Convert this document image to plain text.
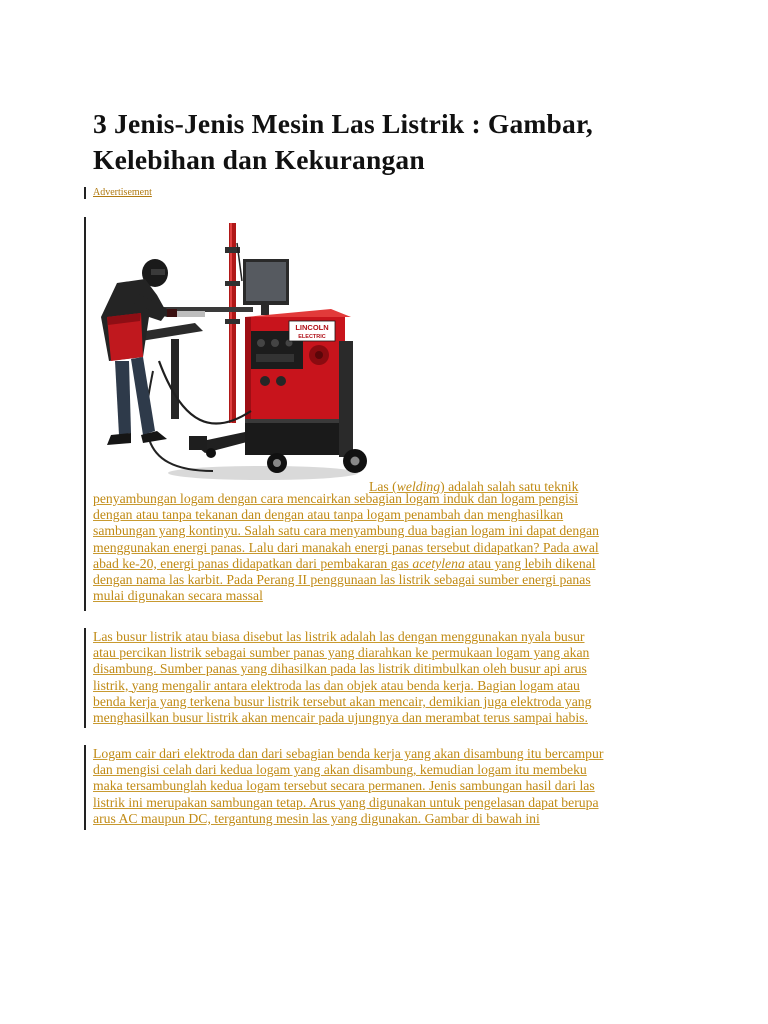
3 Jenis-Jenis Mesin Las Listrik : Gambar,
Kelebihan dan Kekurangan
Advertisement
LINCOLN
ELECTRIC
Las (welding) adalah salah satu teknik
penyambungan logam dengan cara mencairkan sebagian logam induk dan logam pengisi
dengan atau tanpa tekanan dan dengan atau tanpa logam penambah dan menghasilkan
sambungan yang kontinyu. Salah satu cara menyambung dua bagian logam ini dapat dengan
menggunakan energi panas. Lalu dari manakah energi panas tersebut didapatkan? Pada awal
abad ke-20, energi panas didapatkan dari pembakaran gas acetylena atau yang lebih dikenal
dengan nama las karbit. Pada Perang II penggunaan las listrik sebagai sumber energi panas
mulai digunakan secara massal
Las busur listrik atau biasa disebut las listrik adalah las dengan menggunakan nyala busur
atau percikan listrik sebagai sumber panas yang diarahkan ke permukaan logam yang akan
disambung. Sumber panas yang dihasilkan pada las listrik ditimbulkan oleh busur api arus
listrik, yang mengalir antara elektroda las dan objek atau benda kerja. Bagian logam atau
benda kerja yang terkena busur listrik tersebut akan mencair, demikian juga elektroda yang
menghasilkan busur listrik akan mencair pada ujungnya dan merambat terus sampai habis.
Logam cair dari elektroda dan dari sebagian benda kerja yang akan disambung itu bercampur
dan mengisi celah dari kedua logam yang akan disambung, kemudian logam itu membeku
maka tersambunglah kedua logam tersebut secara permanen. Jenis sambungan hasil dari las
listrik ini merupakan sambungan tetap. Arus yang digunakan untuk pengelasan dapat berupa
arus AC maupun DC, tergantung mesin las yang digunakan. Gambar di bawah ini
